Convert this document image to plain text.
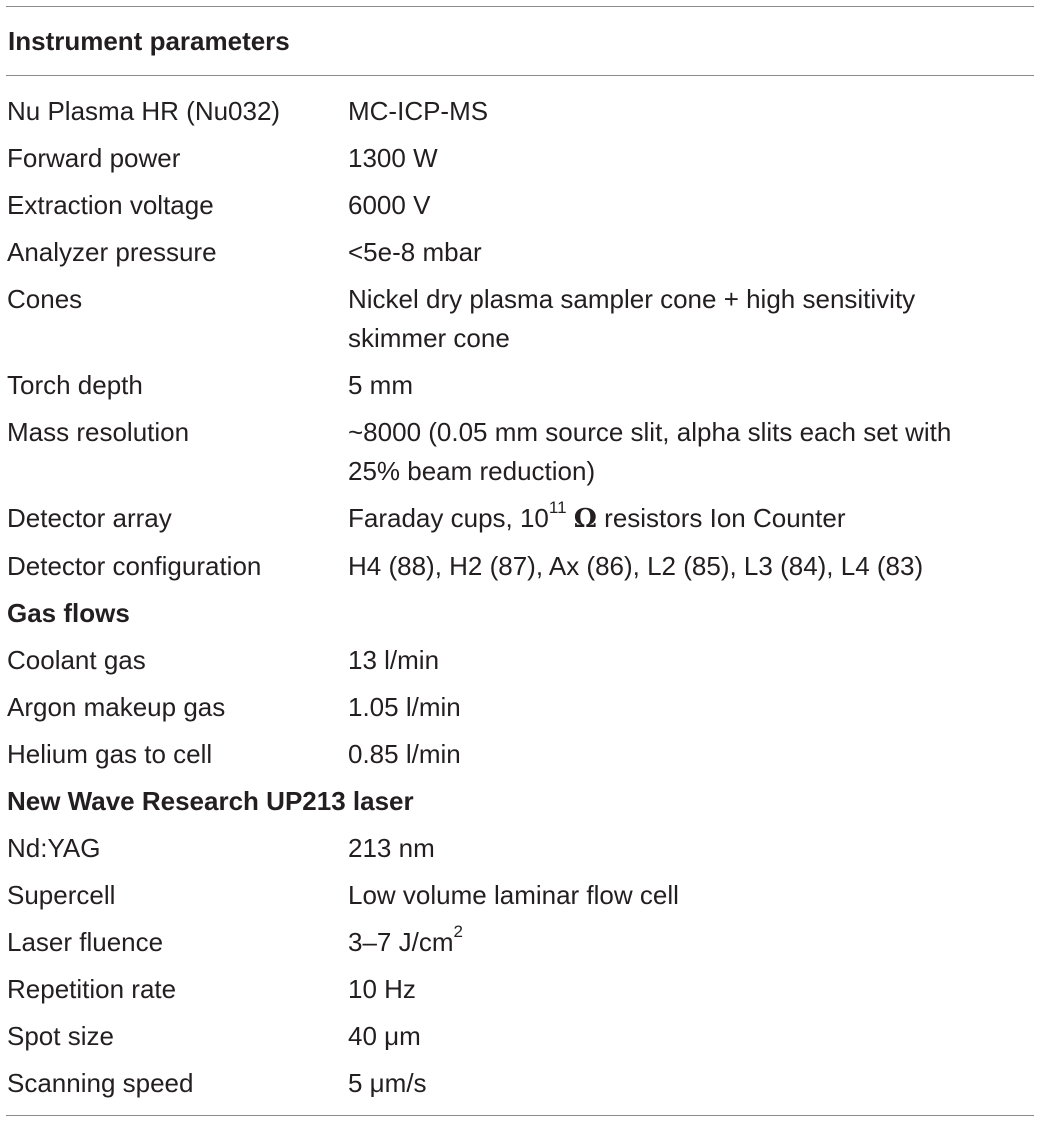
Instrument parameters
Nu Plasma HR (Nu032)	MC-ICP-MS
Forward power	1300 W
Extraction voltage	6000 V
Analyzer pressure	<5e-8 mbar
Cones	Nickel dry plasma sampler cone + high sensitivity skimmer cone
Torch depth	5 mm
Mass resolution	~8000 (0.05 mm source slit, alpha slits each set with 25% beam reduction)
Detector array	Faraday cups, $10^{11}$ Ω resistors Ion Counter
Detector configuration	H4 (88), H2 (87), Ax (86), L2 (85), L3 (84), L4 (83)
Gas flows
Coolant gas	13 l/min
Argon makeup gas	1.05 l/min
Helium gas to cell	0.85 l/min
New Wave Research UP213 laser
Nd:YAG	213 nm
Supercell	Low volume laminar flow cell
Laser fluence	3–7 $J/cm^2$
Repetition rate	10 Hz
Spot size	40 μm
Scanning speed	5 μm/s
